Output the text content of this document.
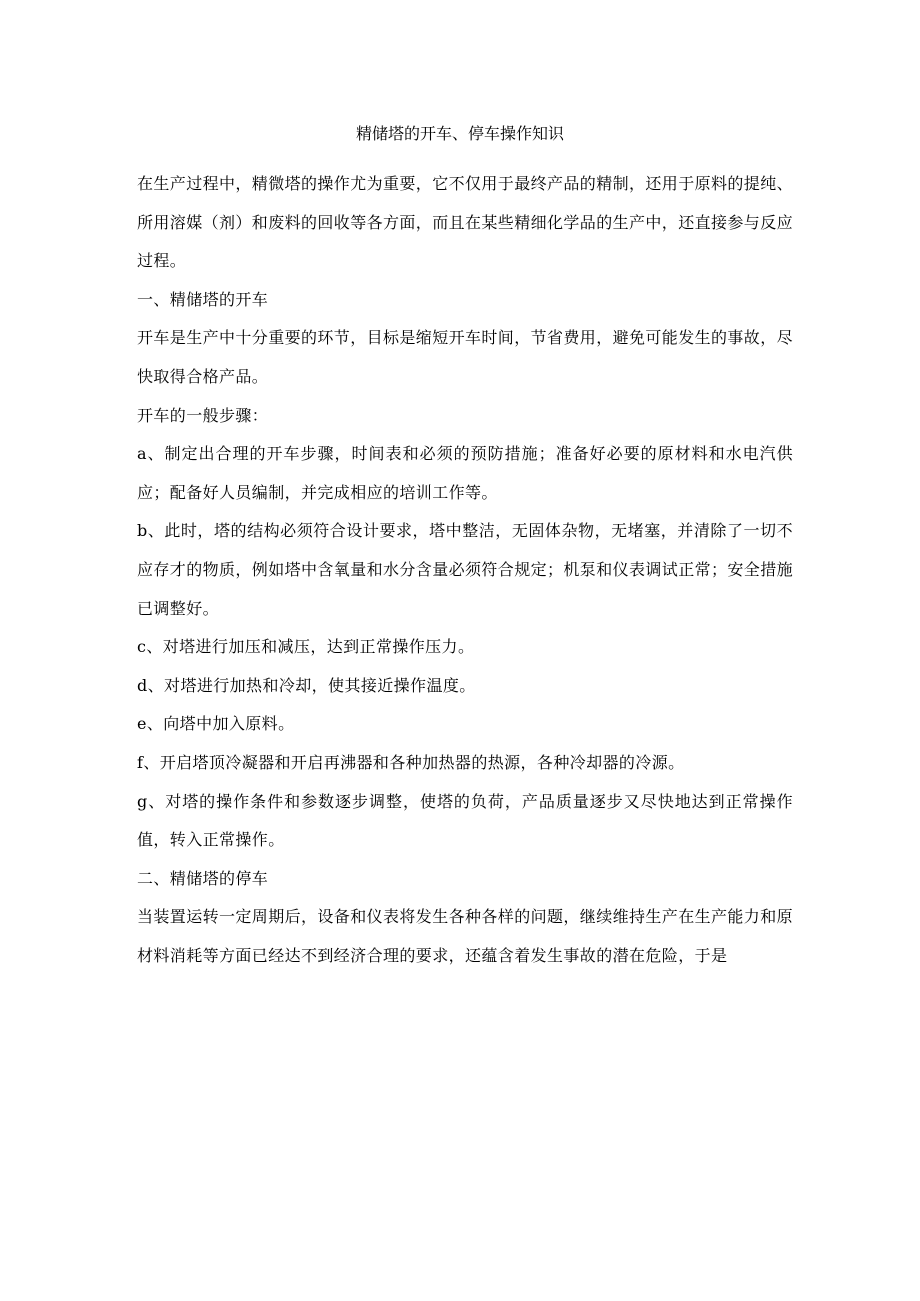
精储塔的开车、停车操作知识

在生产过程中，精微塔的操作尤为重要，它不仅用于最终产品的精制，还用于原料的提纯、所用溶媒（剂）和废料的回收等各方面，而且在某些精细化学品的生产中，还直接参与反应过程。

一、精储塔的开车

开车是生产中十分重要的环节，目标是缩短开车时间，节省费用，避免可能发生的事故，尽快取得合格产品。

开车的一般步骤：

a、制定出合理的开车步骤，时间表和必须的预防措施；准备好必要的原材料和水电汽供应；配备好人员编制，并完成相应的培训工作等。

b、此时，塔的结构必须符合设计要求，塔中整洁，无固体杂物，无堵塞，并清除了一切不应存才的物质，例如塔中含氧量和水分含量必须符合规定；机泵和仪表调试正常；安全措施已调整好。

c、对塔进行加压和减压，达到正常操作压力。

d、对塔进行加热和冷却，使其接近操作温度。

e、向塔中加入原料。

f、开启塔顶冷凝器和开启再沸器和各种加热器的热源，各种冷却器的冷源。

g、对塔的操作条件和参数逐步调整，使塔的负荷，产品质量逐步又尽快地达到正常操作值，转入正常操作。

二、精储塔的停车

当装置运转一定周期后，设备和仪表将发生各种各样的问题，继续维持生产在生产能力和原材料消耗等方面已经达不到经济合理的要求，还蕴含着发生事故的潜在危险，于是
